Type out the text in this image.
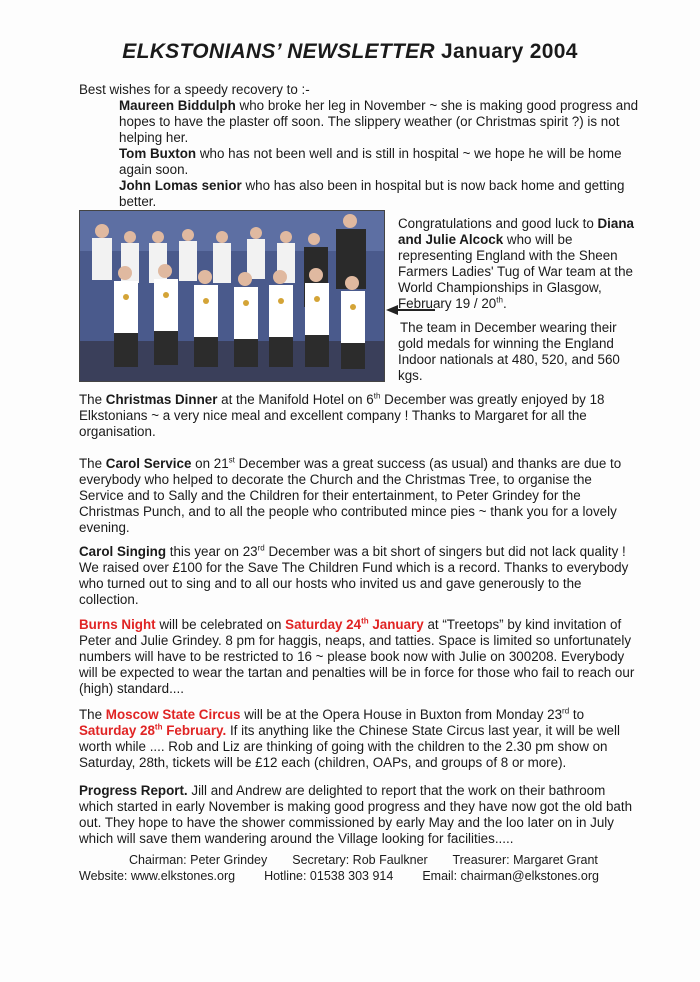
ELKSTONIANS’ NEWSLETTER January 2004

Best wishes for a speedy recovery to :-

Maureen Biddulph who broke her leg in November ~ she is making good progress and hopes to have the plaster off soon. The slippery weather (or Christmas spirit ?) is not helping her.

Tom Buxton who has not been well and is still in hospital ~ we hope he will be home again soon.

John Lomas senior who has also been in hospital but is now back home and getting better.

Congratulations and good luck to Diana and Julie Alcock who will be representing England with the Sheen Farmers Ladies' Tug of War team at the World Championships in Glasgow, February 19 / 20th.
The team in December wearing their gold medals for winning the England Indoor nationals at 480, 520, and 560 kgs.

The Christmas Dinner at the Manifold Hotel on 6th December was greatly enjoyed by 18 Elkstonians ~ a very nice meal and excellent company ! Thanks to Margaret for all the organisation.

The Carol Service on 21st December was a great success (as usual) and thanks are due to everybody who helped to decorate the Church and the Christmas Tree, to organise the Service and to Sally and the Children for their entertainment, to Peter Grindey for the Christmas Punch, and to all the people who contributed mince pies ~ thank you for a lovely evening.

Carol Singing this year on 23rd December was a bit short of singers but did not lack quality ! We raised over £100 for the Save The Children Fund which is a record. Thanks to everybody who turned out to sing and to all our hosts who invited us and gave generously to the collection.

Burns Night will be celebrated on Saturday 24th January at “Treetops” by kind invitation of Peter and Julie Grindey. 8 pm for haggis, neaps, and tatties. Space is limited so unfortunately numbers will have to be restricted to 16 ~ please book now with Julie on 300208. Everybody will be expected to wear the tartan and penalties will be in force for those who fail to reach our (high) standard....

The Moscow State Circus will be at the Opera House in Buxton from Monday 23rd to Saturday 28th February. If its anything like the Chinese State Circus last year, it will be well worth while .... Rob and Liz are thinking of going with the children to the 2.30 pm show on Saturday, 28th, tickets will be £12 each (children, OAPs, and groups of 8 or more).

Progress Report. Jill and Andrew are delighted to report that the work on their bathroom which started in early November is making good progress and they have now got the old bath out. They hope to have the shower commissioned by early May and the loo later on in July which will save them wandering around the Village looking for facilities.....

Chairman: Peter Grindey Secretary: Rob Faulkner Treasurer: Margaret Grant
Website: www.elkstones.org Hotline: 01538 303 914 Email: chairman@elkstones.org
